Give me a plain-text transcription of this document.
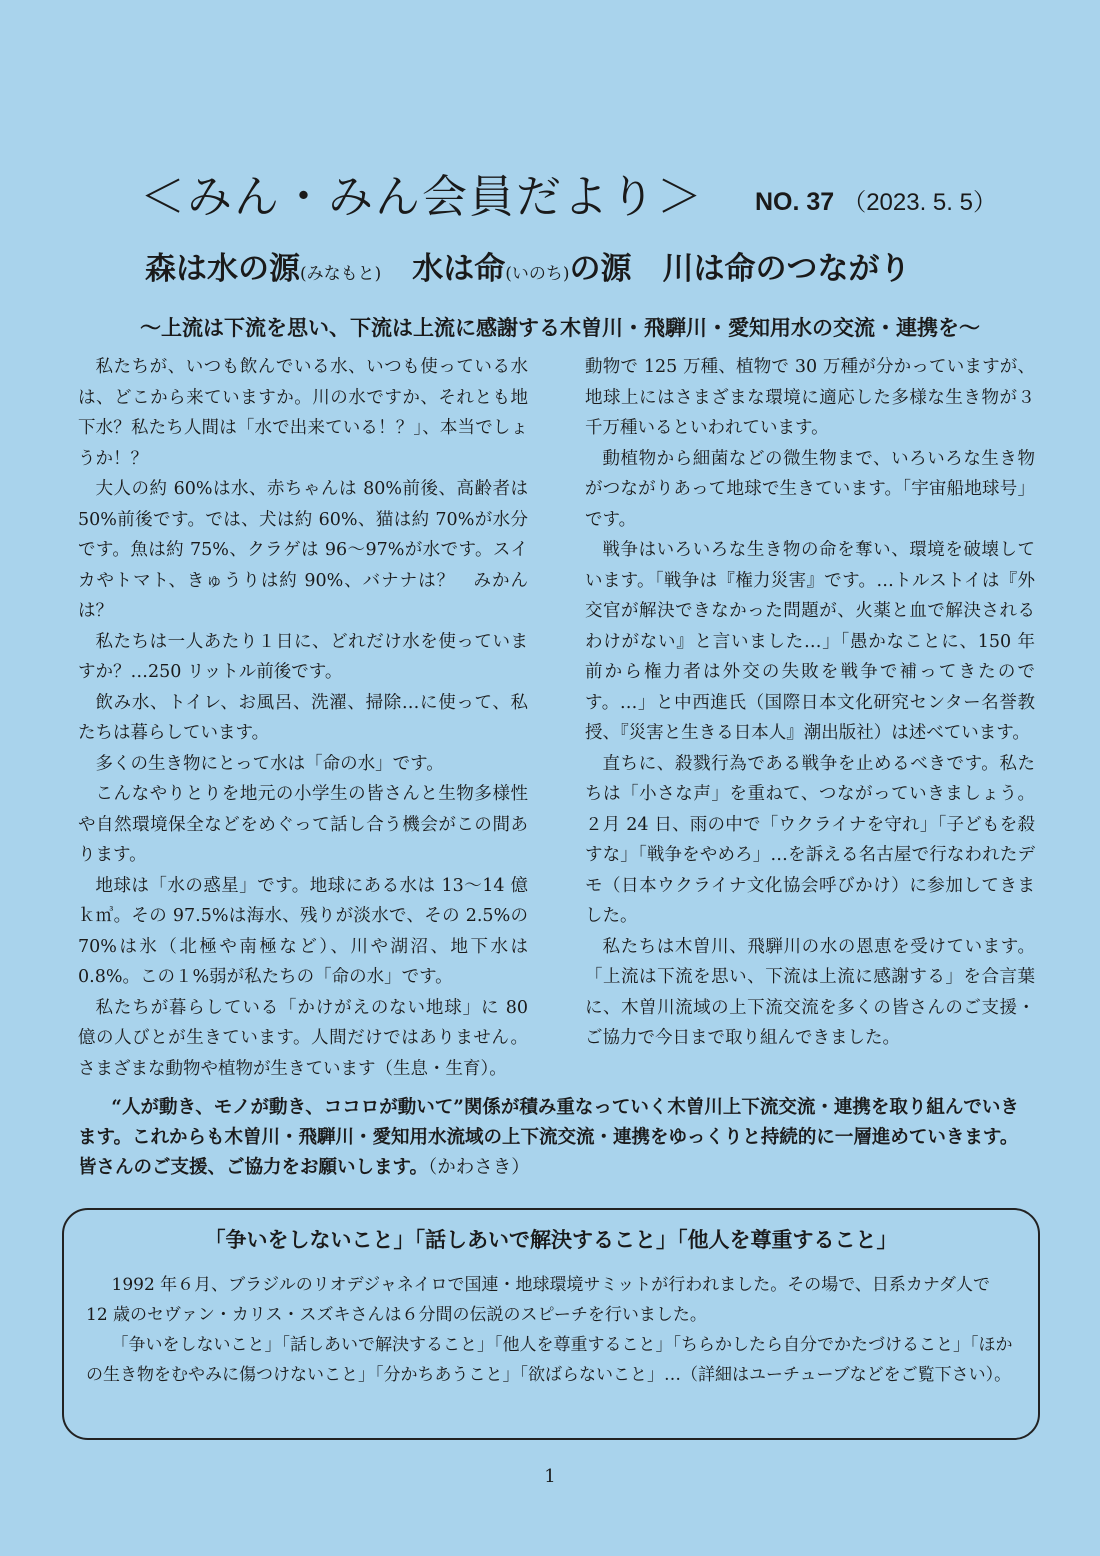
＜みん・みん会員だより＞ NO. 37 （2023. 5. 5）
森は水の源(みなもと)　水は命(いのち)の源　川は命のつながり
～上流は下流を思い、下流は上流に感謝する木曽川・飛騨川・愛知用水の交流・連携を～

私たちが、いつも飲んでいる水、いつも使っている水は、どこから来ていますか。川の水ですか、それとも地下水？私たち人間は「水で出来ている！？」、本当でしょうか！？

大人の約 60%は水、赤ちゃんは 80%前後、高齢者は 50%前後です。では、犬は約 60%、猫は約 70%が水分です。魚は約 75%、クラゲは 96～97%が水です。スイカやトマト、きゅうりは約 90%、バナナは？　みかんは？

私たちは一人あたり１日に、どれだけ水を使っていますか？…250 リットル前後です。

飲み水、トイレ、お風呂、洗濯、掃除…に使って、私たちは暮らしています。

多くの生き物にとって水は「命の水」です。

こんなやりとりを地元の小学生の皆さんと生物多様性や自然環境保全などをめぐって話し合う機会がこの間あります。

地球は「水の惑星」です。地球にある水は 13～14 億ｋ㎥。その 97.5%は海水、残りが淡水で、その 2.5%の 70%は氷（北極や南極など）、川や湖沼、地下水は 0.8%。この１%弱が私たちの「命の水」です。

私たちが暮らしている「かけがえのない地球」に 80 億の人びとが生きています。人間だけではありません。さまざまな動物や植物が生きています（生息・生育）。

動物で 125 万種、植物で 30 万種が分かっていますが、地球上にはさまざまな環境に適応した多様な生き物が３千万種いるといわれています。

動植物から細菌などの微生物まで、いろいろな生き物がつながりあって地球で生きています。「宇宙船地球号」です。

戦争はいろいろな生き物の命を奪い、環境を破壊しています。「戦争は『権力災害』です。…トルストイは『外交官が解決できなかった問題が、火薬と血で解決されるわけがない』と言いました…」「愚かなことに、150 年前から権力者は外交の失敗を戦争で補ってきたのです。…」と中西進氏（国際日本文化研究センター名誉教授、『災害と生きる日本人』潮出版社）は述べています。

直ちに、殺戮行為である戦争を止めるべきです。私たちは「小さな声」を重ねて、つながっていきましょう。２月 24 日、雨の中で「ウクライナを守れ」「子どもを殺すな」「戦争をやめろ」…を訴える名古屋で行なわれたデモ（日本ウクライナ文化協会呼びかけ）に参加してきました。

私たちは木曽川、飛騨川の水の恩恵を受けています。「上流は下流を思い、下流は上流に感謝する」を合言葉に、木曽川流域の上下流交流を多くの皆さんのご支援・ご協力で今日まで取り組んできました。

“人が動き、モノが動き、ココロが動いて”関係が積み重なっていく木曽川上下流交流・連携を取り組んでいきます。これからも木曽川・飛騨川・愛知用水流域の上下流交流・連携をゆっくりと持続的に一層進めていきます。皆さんのご支援、ご協力をお願いします。（かわさき）

「争いをしないこと」「話しあいで解決すること」「他人を尊重すること」

1992 年６月、ブラジルのリオデジャネイロで国連・地球環境サミットが行われました。その場で、日系カナダ人で 12 歳のセヴァン・カリス・スズキさんは６分間の伝説のスピーチを行いました。

「争いをしないこと」「話しあいで解決すること」「他人を尊重すること」「ちらかしたら自分でかたづけること」「ほかの生き物をむやみに傷つけないこと」「分かちあうこと」「欲ばらないこと」…（詳細はユーチューブなどをご覧下さい）。

1
